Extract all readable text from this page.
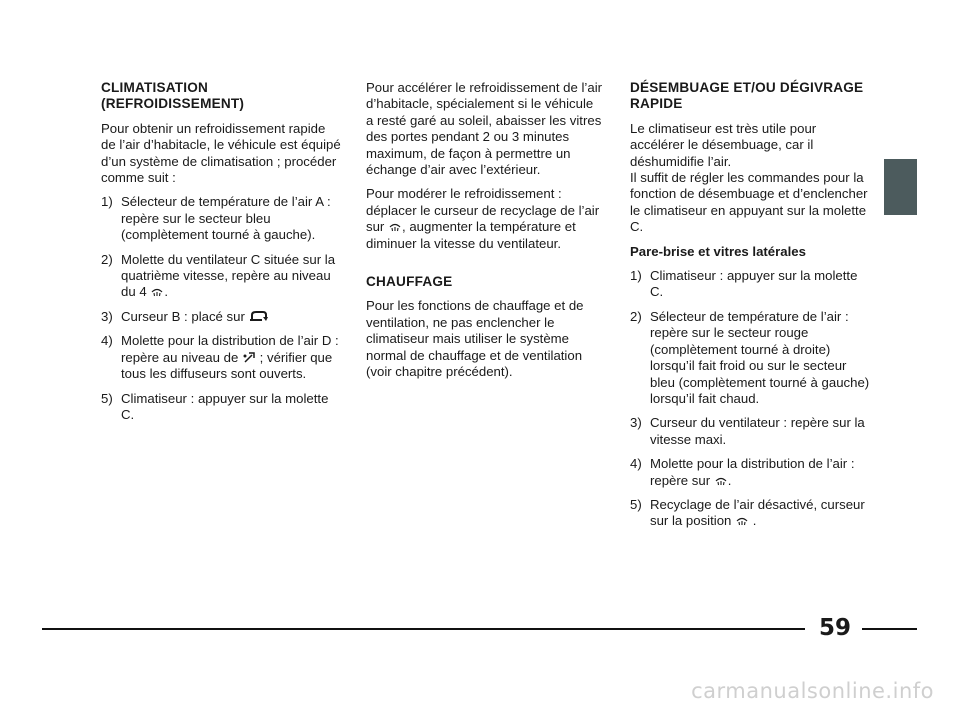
CLIMATISATION (REFROIDISSEMENT)

Pour obtenir un refroidissement rapide de l’air d’habitacle, le véhicule est équipé d’un système de climatisation ; procéder comme suit :

1) Sélecteur de température de l’air A : repère sur le secteur bleu (complètement tourné à gauche).
2) Molette du ventilateur C située sur la quatrième vitesse, repère au niveau du 4 .
3) Curseur B : placé sur
4) Molette pour la distribution de l’air D : repère au niveau de  ; vérifier que tous les diffuseurs sont ouverts.
5) Climatiseur : appuyer sur la molette C.

Pour accélérer le refroidissement de l’air d’habitacle, spécialement si le véhicule a resté garé au soleil, abaisser les vitres des portes pendant 2 ou 3 minutes maximum, de façon à permettre un échange d’air avec l’extérieur.

Pour modérer le refroidissement : déplacer le curseur de recyclage de l’air sur , augmenter la température et diminuer la vitesse du ventilateur.

CHAUFFAGE

Pour les fonctions de chauffage et de ventilation, ne pas enclencher le climatiseur mais utiliser le système normal de chauffage et de ventilation (voir chapitre précédent).

DÉSEMBUAGE ET/OU DÉGIVRAGE RAPIDE

Le climatiseur est très utile pour accélérer le désembuage, car il déshumidifie l’air.

Il suffit de régler les commandes pour la fonction de désembuage et d’enclencher le climatiseur en appuyant sur la molette C.

Pare-brise et vitres latérales
1) Climatiseur : appuyer sur la molette C.
2) Sélecteur de température de l’air : repère sur le secteur rouge (complètement tourné à droite) lorsqu’il fait froid ou sur le secteur bleu (complètement tourné à gauche) lorsqu’il fait chaud.
3) Curseur du ventilateur : repère sur la vitesse maxi.
4) Molette pour la distribution de l’air : repère sur .
5) Recyclage de l’air désactivé, curseur sur la position  .
59
carmanualsonline.info
